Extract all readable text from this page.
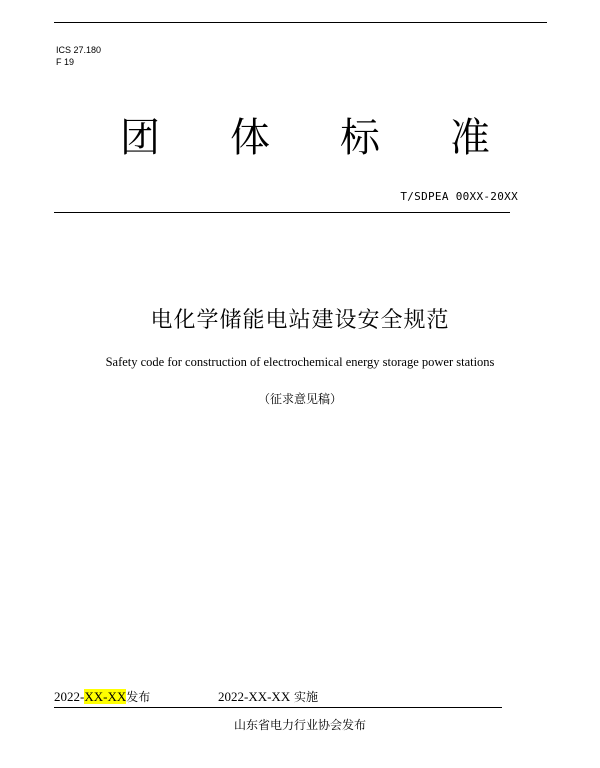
ICS 27.180
F 19
团 体 标 准
T/SDPEA 00XX-20XX
电化学储能电站建设安全规范
Safety code for construction of electrochemical energy storage power stations
（征求意见稿）
2022-XX-XX发布	2022-XX-XX 实施
山东省电力行业协会发布
